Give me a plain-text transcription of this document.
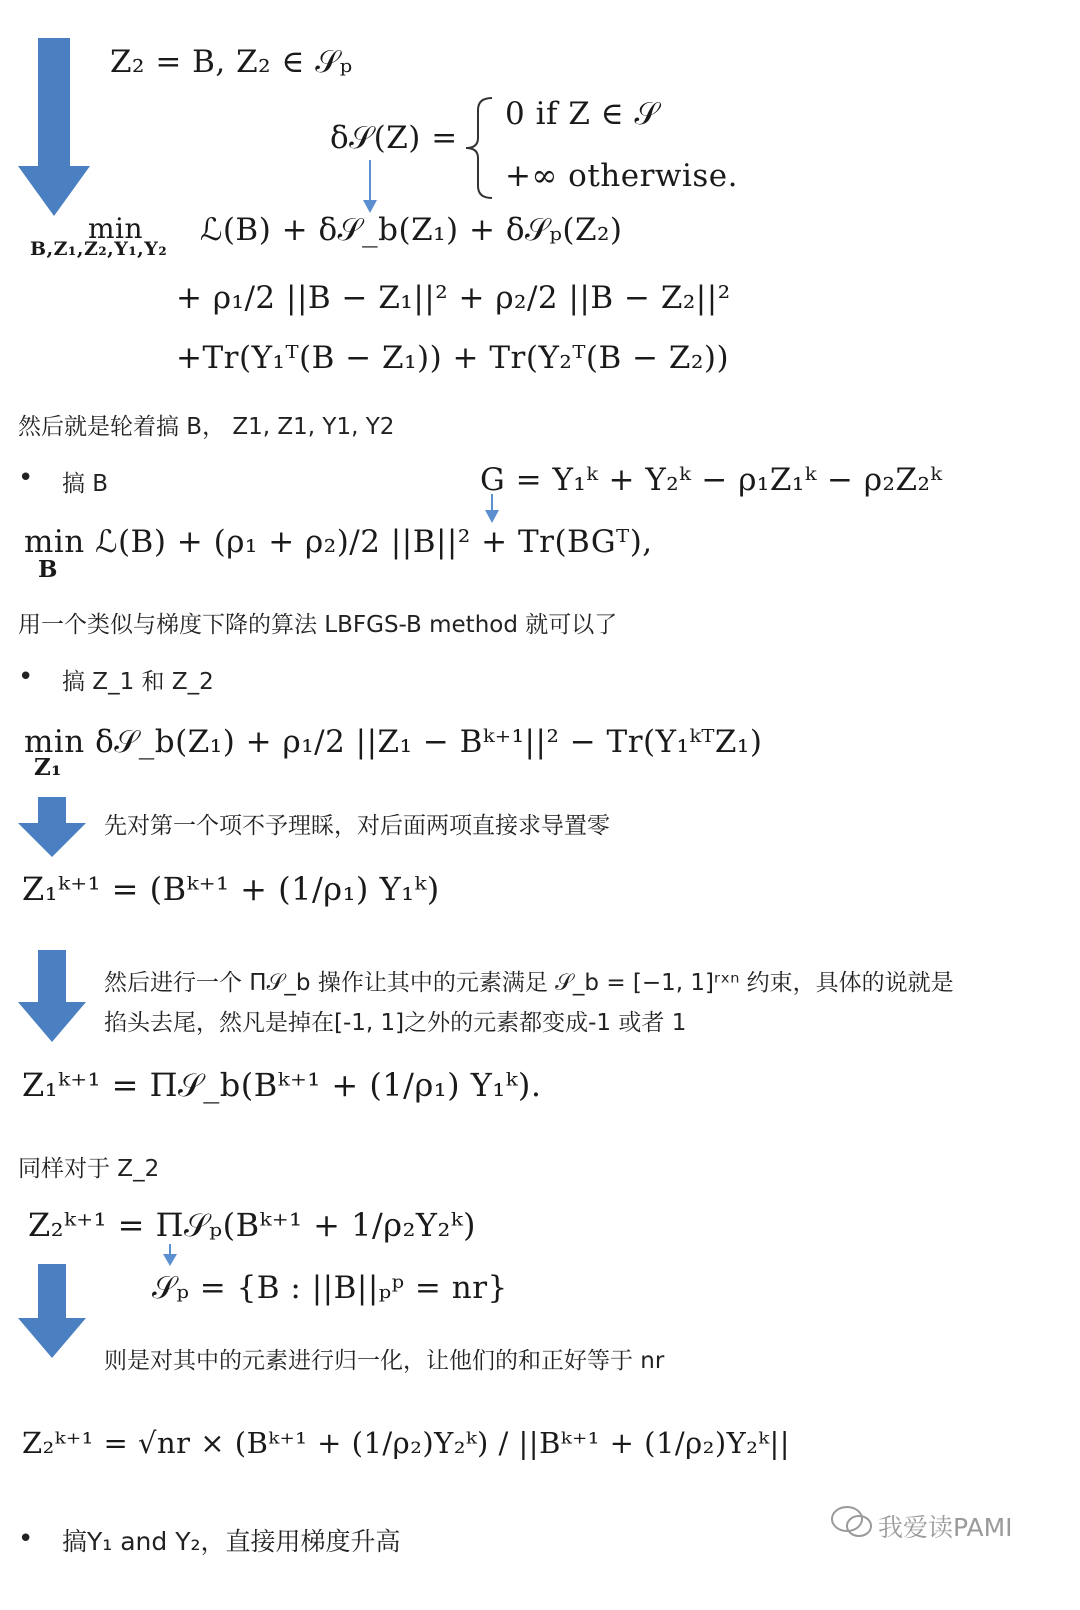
Z₂ = B, Z₂ ∈ 𝒮ₚ
δ𝒮(Z) =
0 if Z ∈ 𝒮
+∞ otherwise.
min
B,Z₁,Z₂,Y₁,Y₂
ℒ(B) + δ𝒮_b(Z₁) + δ𝒮ₚ(Z₂)
+ ρ₁/2 ||B − Z₁||² + ρ₂/2 ||B − Z₂||²
+Tr(Y₁ᵀ(B − Z₁)) + Tr(Y₂ᵀ(B − Z₂))
然后就是轮着搞 B， Z1, Z1, Y1, Y2
• 搞 B	G = Y₁ᵏ + Y₂ᵏ − ρ₁Z₁ᵏ − ρ₂Z₂ᵏ
min ℒ(B) + (ρ₁ + ρ₂)/2 ||B||² + Tr(BGᵀ),
B
用一个类似与梯度下降的算法 LBFGS-B method 就可以了
• 搞 Z_1 和 Z_2
min δ𝒮_b(Z₁) + ρ₁/2 ||Z₁ − Bᵏ⁺¹||² − Tr(Y₁ᵏᵀZ₁)
Z₁
先对第一个项不予理睬，对后面两项直接求导置零
Z₁ᵏ⁺¹ = (Bᵏ⁺¹ + (1/ρ₁) Y₁ᵏ)
然后进行一个 Π𝒮_b 操作让其中的元素满足 𝒮_b = [−1, 1]ʳˣⁿ 约束，具体的说就是
掐头去尾，然凡是掉在[-1, 1]之外的元素都变成-1 或者 1
Z₁ᵏ⁺¹ = Π𝒮_b(Bᵏ⁺¹ + (1/ρ₁) Y₁ᵏ).
同样对于 Z_2
Z₂ᵏ⁺¹ = Π𝒮ₚ(Bᵏ⁺¹ + 1/ρ₂Y₂ᵏ)
𝒮ₚ = {B : ||B||ₚᵖ = nr}
则是对其中的元素进行归一化，让他们的和正好等于 nr
Z₂ᵏ⁺¹ = √nr × (Bᵏ⁺¹ + (1/ρ₂)Y₂ᵏ) / ||Bᵏ⁺¹ + (1/ρ₂)Y₂ᵏ||
• 搞Y₁ and Y₂，直接用梯度升高	我爱读PAMI
